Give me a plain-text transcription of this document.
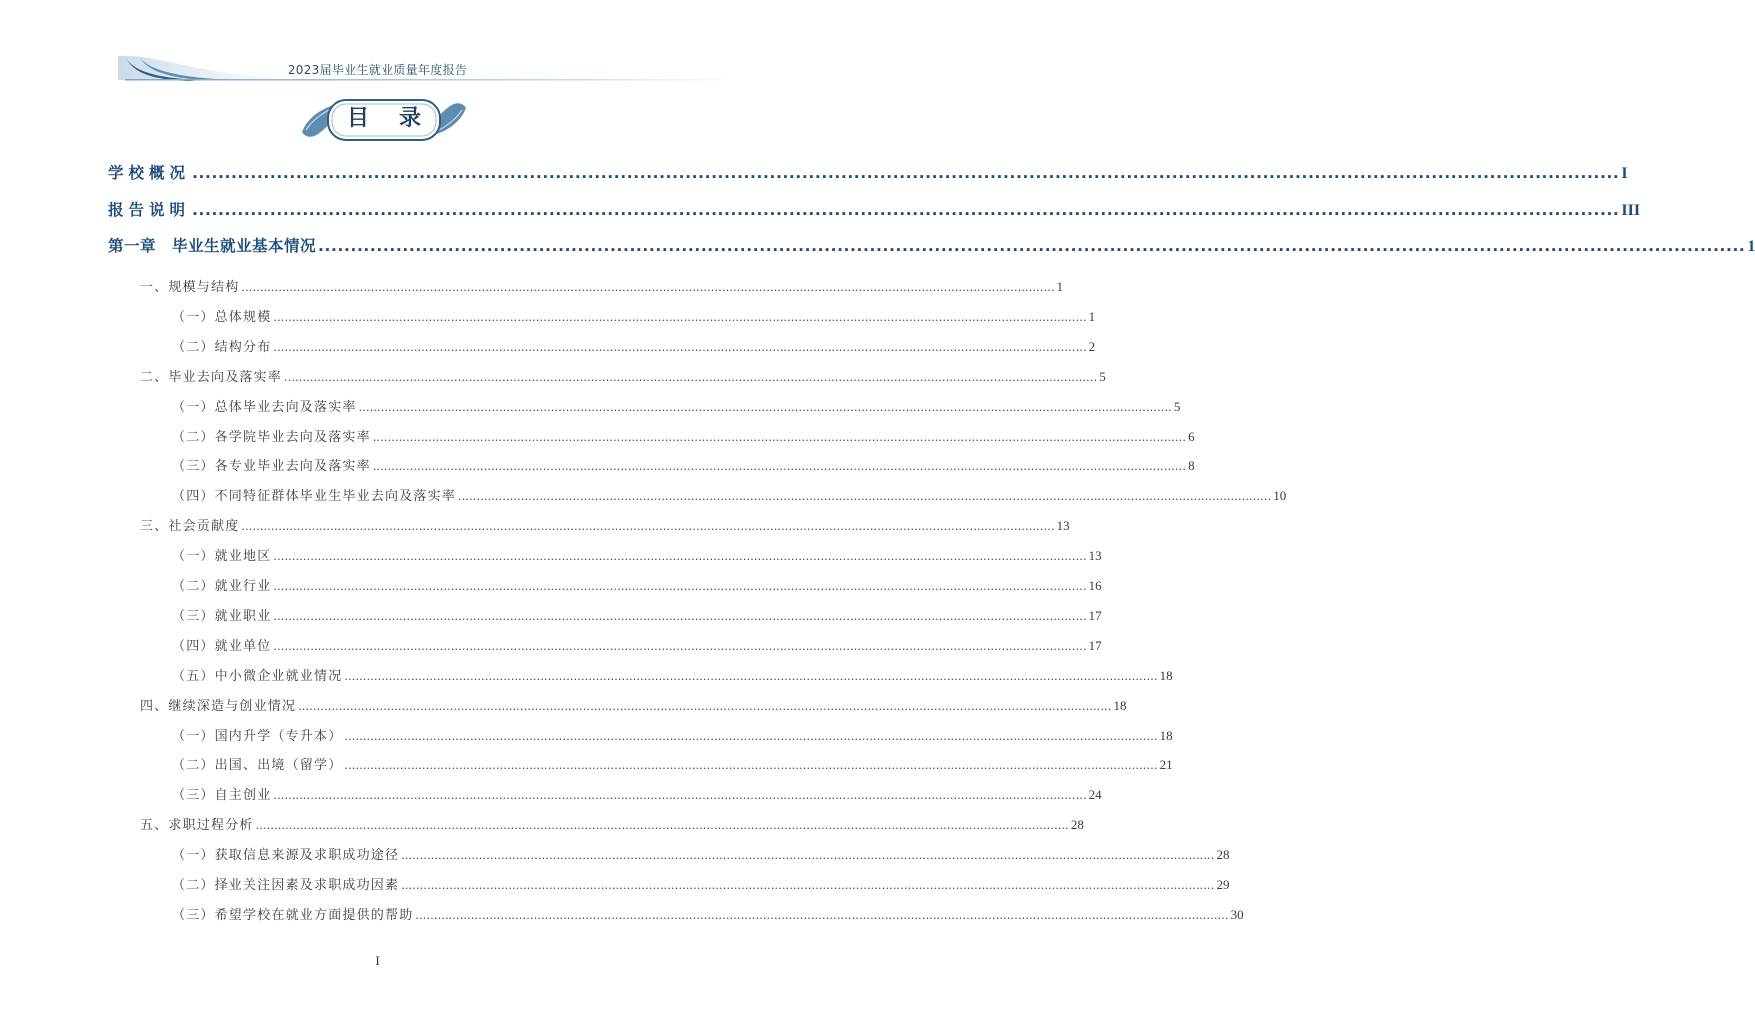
2023届毕业生就业质量年度报告
目录
学校概况 ............................................................................................................................................................................................................................ I
报告说明 ............................................................................................................................................................................................................................ III
第一章　毕业生就业基本情况 ............................................................................................................................................................................................................................ 1
一、规模与结构 ............................................................................................................................................................................................................................ 1
（一）总体规模 ............................................................................................................................................................................................................................ 1
（二）结构分布 ............................................................................................................................................................................................................................ 2
二、毕业去向及落实率 ............................................................................................................................................................................................................................ 5
（一）总体毕业去向及落实率 ............................................................................................................................................................................................................................ 5
（二）各学院毕业去向及落实率 ............................................................................................................................................................................................................................ 6
（三）各专业毕业去向及落实率 ............................................................................................................................................................................................................................ 8
（四）不同特征群体毕业生毕业去向及落实率 ............................................................................................................................................................................................................................ 10
三、社会贡献度 ............................................................................................................................................................................................................................ 13
（一）就业地区 ............................................................................................................................................................................................................................ 13
（二）就业行业 ............................................................................................................................................................................................................................ 16
（三）就业职业 ............................................................................................................................................................................................................................ 17
（四）就业单位 ............................................................................................................................................................................................................................ 17
（五）中小微企业就业情况 ............................................................................................................................................................................................................................ 18
四、继续深造与创业情况 ............................................................................................................................................................................................................................ 18
（一）国内升学（专升本） ............................................................................................................................................................................................................................ 18
（二）出国、出境（留学） ............................................................................................................................................................................................................................ 21
（三）自主创业 ............................................................................................................................................................................................................................ 24
五、求职过程分析 ............................................................................................................................................................................................................................ 28
（一）获取信息来源及求职成功途径 ............................................................................................................................................................................................................................ 28
（二）择业关注因素及求职成功因素 ............................................................................................................................................................................................................................ 29
（三）希望学校在就业方面提供的帮助 ............................................................................................................................................................................................................................ 30
I
